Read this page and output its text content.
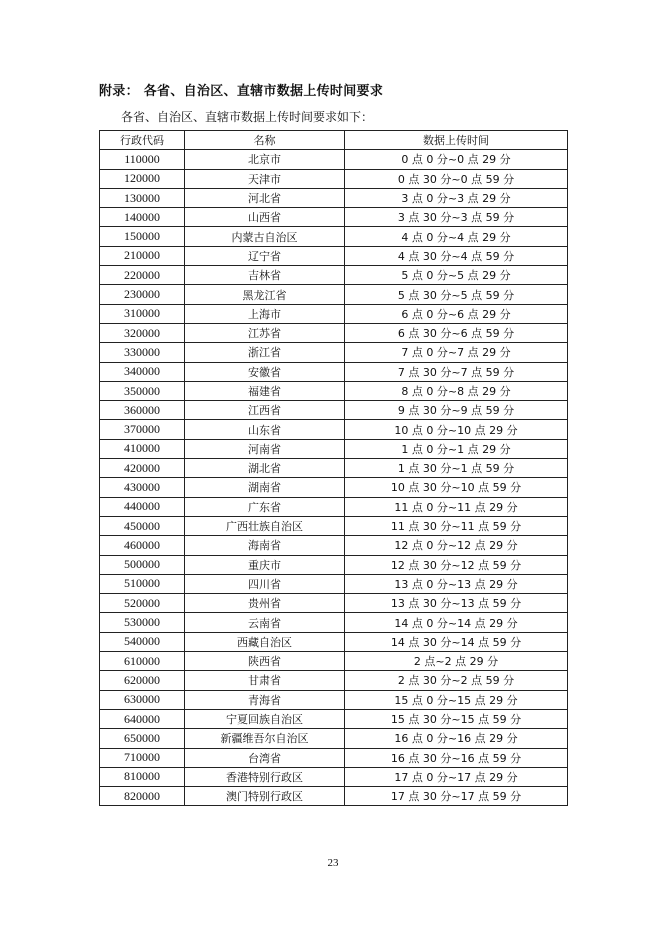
附录： 各省、自治区、直辖市数据上传时间要求
各省、自治区、直辖市数据上传时间要求如下：
行政代码	名称	数据上传时间
110000	北京市	0 点 0 分~0 点 29 分
120000	天津市	0 点 30 分~0 点 59 分
130000	河北省	3 点 0 分~3 点 29 分
140000	山西省	3 点 30 分~3 点 59 分
150000	内蒙古自治区	4 点 0 分~4 点 29 分
210000	辽宁省	4 点 30 分~4 点 59 分
220000	吉林省	5 点 0 分~5 点 29 分
230000	黑龙江省	5 点 30 分~5 点 59 分
310000	上海市	6 点 0 分~6 点 29 分
320000	江苏省	6 点 30 分~6 点 59 分
330000	浙江省	7 点 0 分~7 点 29 分
340000	安徽省	7 点 30 分~7 点 59 分
350000	福建省	8 点 0 分~8 点 29 分
360000	江西省	9 点 30 分~9 点 59 分
370000	山东省	10 点 0 分~10 点 29 分
410000	河南省	1 点 0 分~1 点 29 分
420000	湖北省	1 点 30 分~1 点 59 分
430000	湖南省	10 点 30 分~10 点 59 分
440000	广东省	11 点 0 分~11 点 29 分
450000	广西壮族自治区	11 点 30 分~11 点 59 分
460000	海南省	12 点 0 分~12 点 29 分
500000	重庆市	12 点 30 分~12 点 59 分
510000	四川省	13 点 0 分~13 点 29 分
520000	贵州省	13 点 30 分~13 点 59 分
530000	云南省	14 点 0 分~14 点 29 分
540000	西藏自治区	14 点 30 分~14 点 59 分
610000	陕西省	2 点~2 点 29 分
620000	甘肃省	2 点 30 分~2 点 59 分
630000	青海省	15 点 0 分~15 点 29 分
640000	宁夏回族自治区	15 点 30 分~15 点 59 分
650000	新疆维吾尔自治区	16 点 0 分~16 点 29 分
710000	台湾省	16 点 30 分~16 点 59 分
810000	香港特别行政区	17 点 0 分~17 点 29 分
820000	澳门特别行政区	17 点 30 分~17 点 59 分
23
